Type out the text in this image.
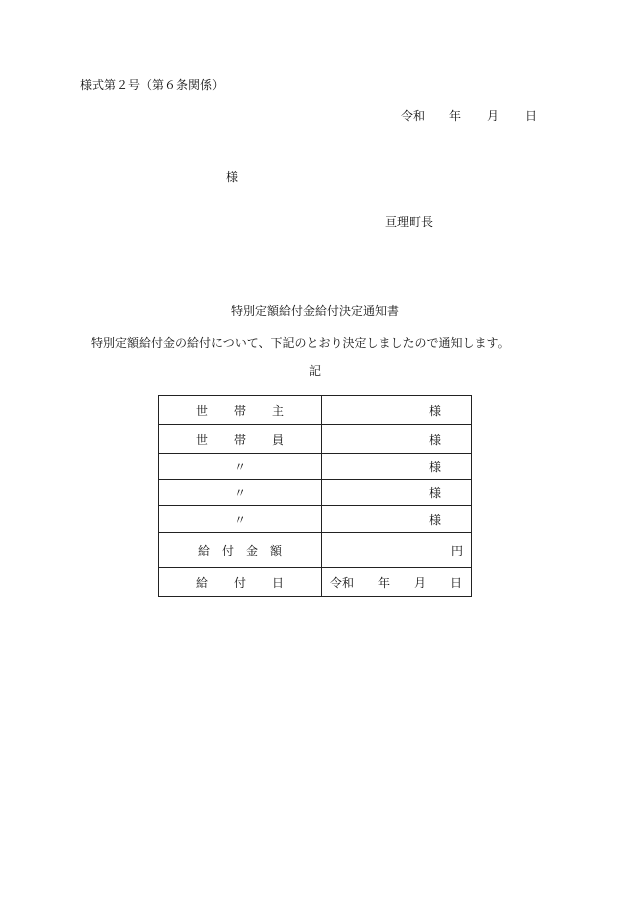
様式第２号（第６条関係）
令和 年 月 日
様
亘理町長
特別定額給付金給付決定通知書
特別定額給付金の給付について、下記のとおり決定しましたので通知します。
記
世 帯 主	様
世 帯 員	様
〃	様
〃	様
〃	様
給 付 金 額	円
給 付 日	令和 年 月 日
